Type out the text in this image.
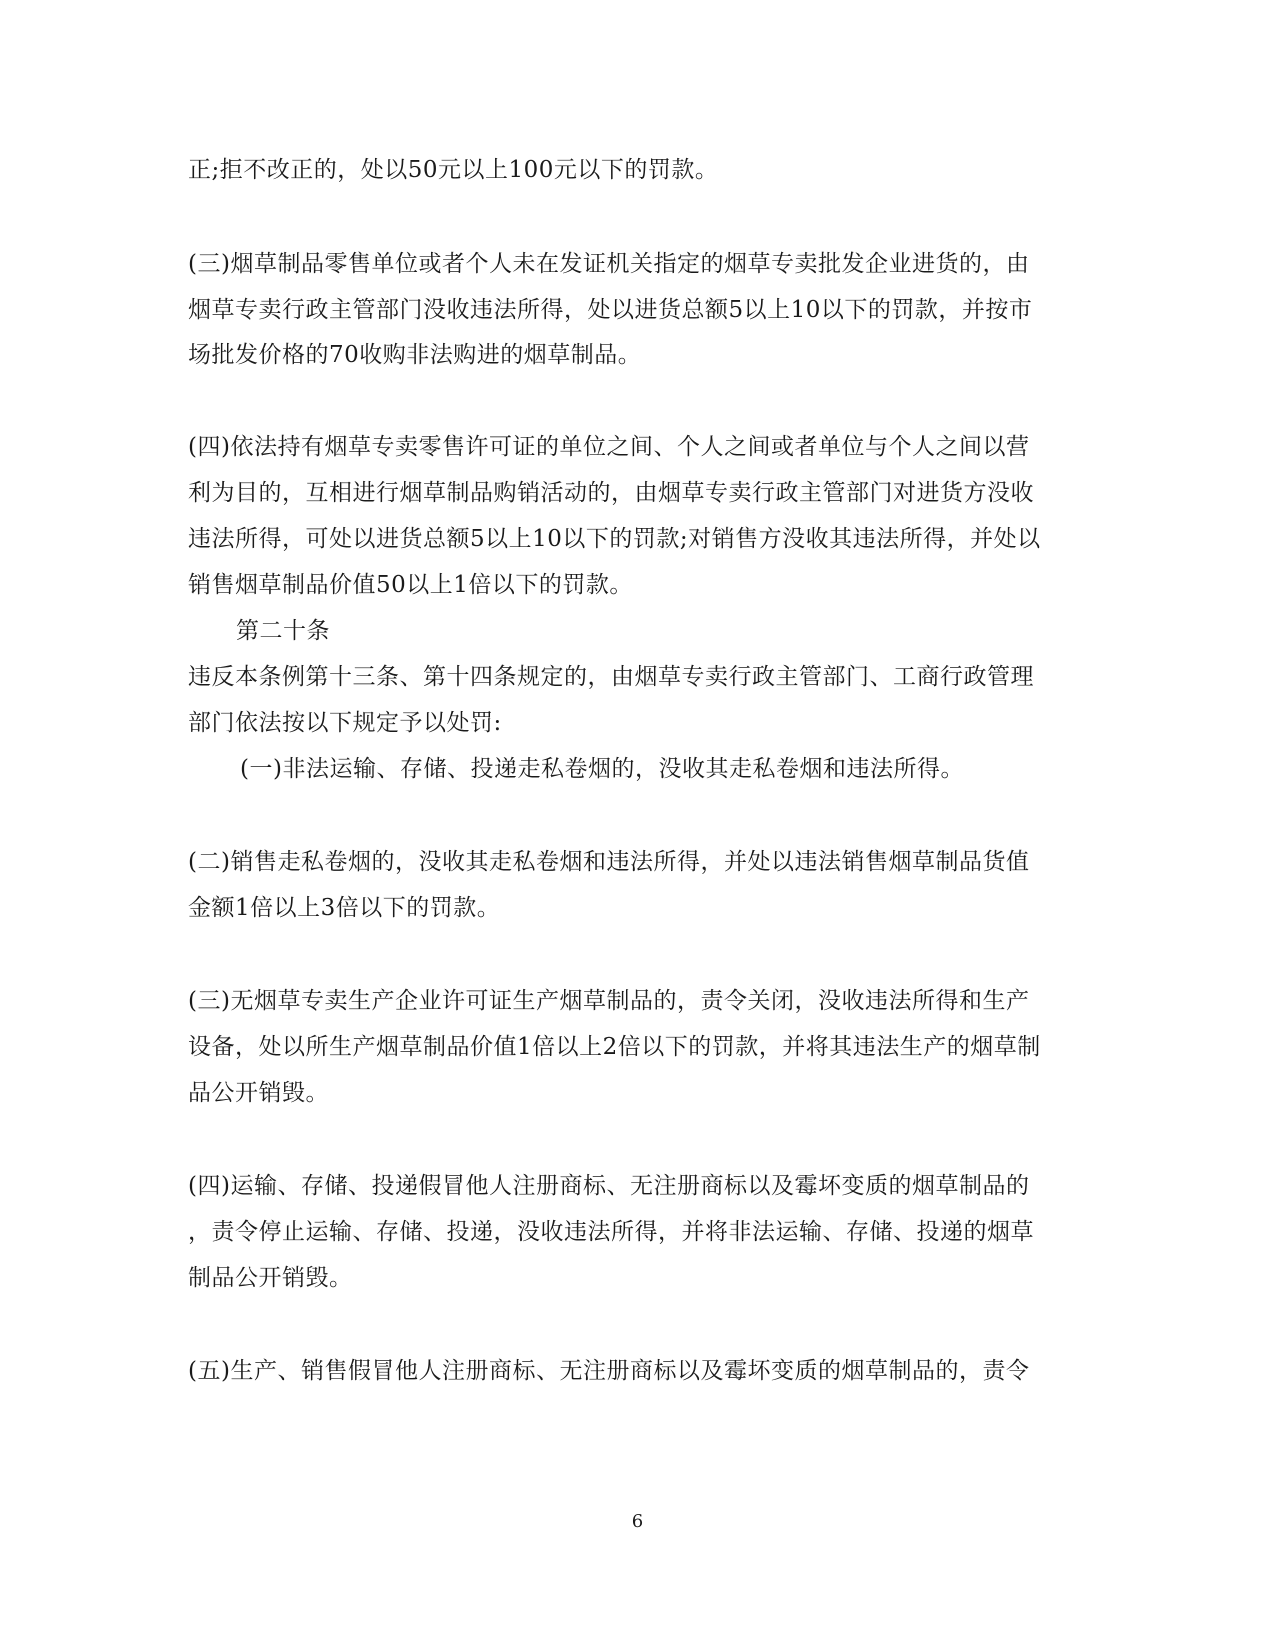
正;拒不改正的，处以50元以上100元以下的罚款。
(三)烟草制品零售单位或者个人未在发证机关指定的烟草专卖批发企业进货的，由
烟草专卖行政主管部门没收违法所得，处以进货总额5以上10以下的罚款，并按市
场批发价格的70收购非法购进的烟草制品。
(四)依法持有烟草专卖零售许可证的单位之间、个人之间或者单位与个人之间以营
利为目的，互相进行烟草制品购销活动的，由烟草专卖行政主管部门对进货方没收
违法所得，可处以进货总额5以上10以下的罚款;对销售方没收其违法所得，并处以
销售烟草制品价值50以上1倍以下的罚款。
第二十条
违反本条例第十三条、第十四条规定的，由烟草专卖行政主管部门、工商行政管理
部门依法按以下规定予以处罚:
(一)非法运输、存储、投递走私卷烟的，没收其走私卷烟和违法所得。
(二)销售走私卷烟的，没收其走私卷烟和违法所得，并处以违法销售烟草制品货值
金额1倍以上3倍以下的罚款。
(三)无烟草专卖生产企业许可证生产烟草制品的，责令关闭，没收违法所得和生产
设备，处以所生产烟草制品价值1倍以上2倍以下的罚款，并将其违法生产的烟草制
品公开销毁。
(四)运输、存储、投递假冒他人注册商标、无注册商标以及霉坏变质的烟草制品的
，责令停止运输、存储、投递，没收违法所得，并将非法运输、存储、投递的烟草
制品公开销毁。
(五)生产、销售假冒他人注册商标、无注册商标以及霉坏变质的烟草制品的，责令
6
